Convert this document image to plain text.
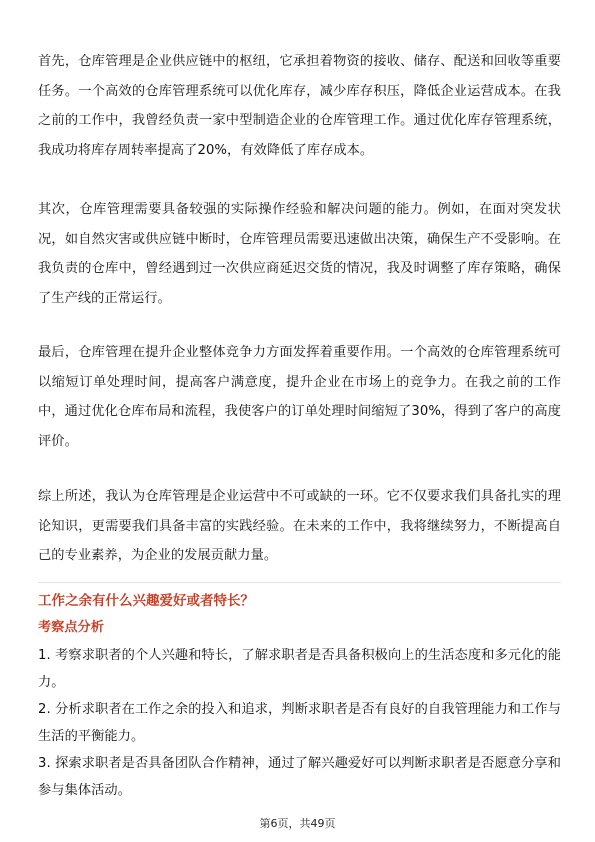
首先，仓库管理是企业供应链中的枢纽，它承担着物资的接收、储存、配送和回收等重要任务。一个高效的仓库管理系统可以优化库存，减少库存积压，降低企业运营成本。在我之前的工作中，我曾经负责一家中型制造企业的仓库管理工作。通过优化库存管理系统，我成功将库存周转率提高了20%，有效降低了库存成本。

其次，仓库管理需要具备较强的实际操作经验和解决问题的能力。例如，在面对突发状况，如自然灾害或供应链中断时，仓库管理员需要迅速做出决策，确保生产不受影响。在我负责的仓库中，曾经遇到过一次供应商延迟交货的情况，我及时调整了库存策略，确保了生产线的正常运行。

最后，仓库管理在提升企业整体竞争力方面发挥着重要作用。一个高效的仓库管理系统可以缩短订单处理时间，提高客户满意度，提升企业在市场上的竞争力。在我之前的工作中，通过优化仓库布局和流程，我使客户的订单处理时间缩短了30%，得到了客户的高度评价。

综上所述，我认为仓库管理是企业运营中不可或缺的一环。它不仅要求我们具备扎实的理论知识，更需要我们具备丰富的实践经验。在未来的工作中，我将继续努力，不断提高自己的专业素养，为企业的发展贡献力量。

工作之余有什么兴趣爱好或者特长？
考察点分析
1. 考察求职者的个人兴趣和特长，了解求职者是否具备积极向上的生活态度和多元化的能力。
2. 分析求职者在工作之余的投入和追求，判断求职者是否有良好的自我管理能力和工作与生活的平衡能力。
3. 探索求职者是否具备团队合作精神，通过了解兴趣爱好可以判断求职者是否愿意分享和参与集体活动。
第6页，共49页
